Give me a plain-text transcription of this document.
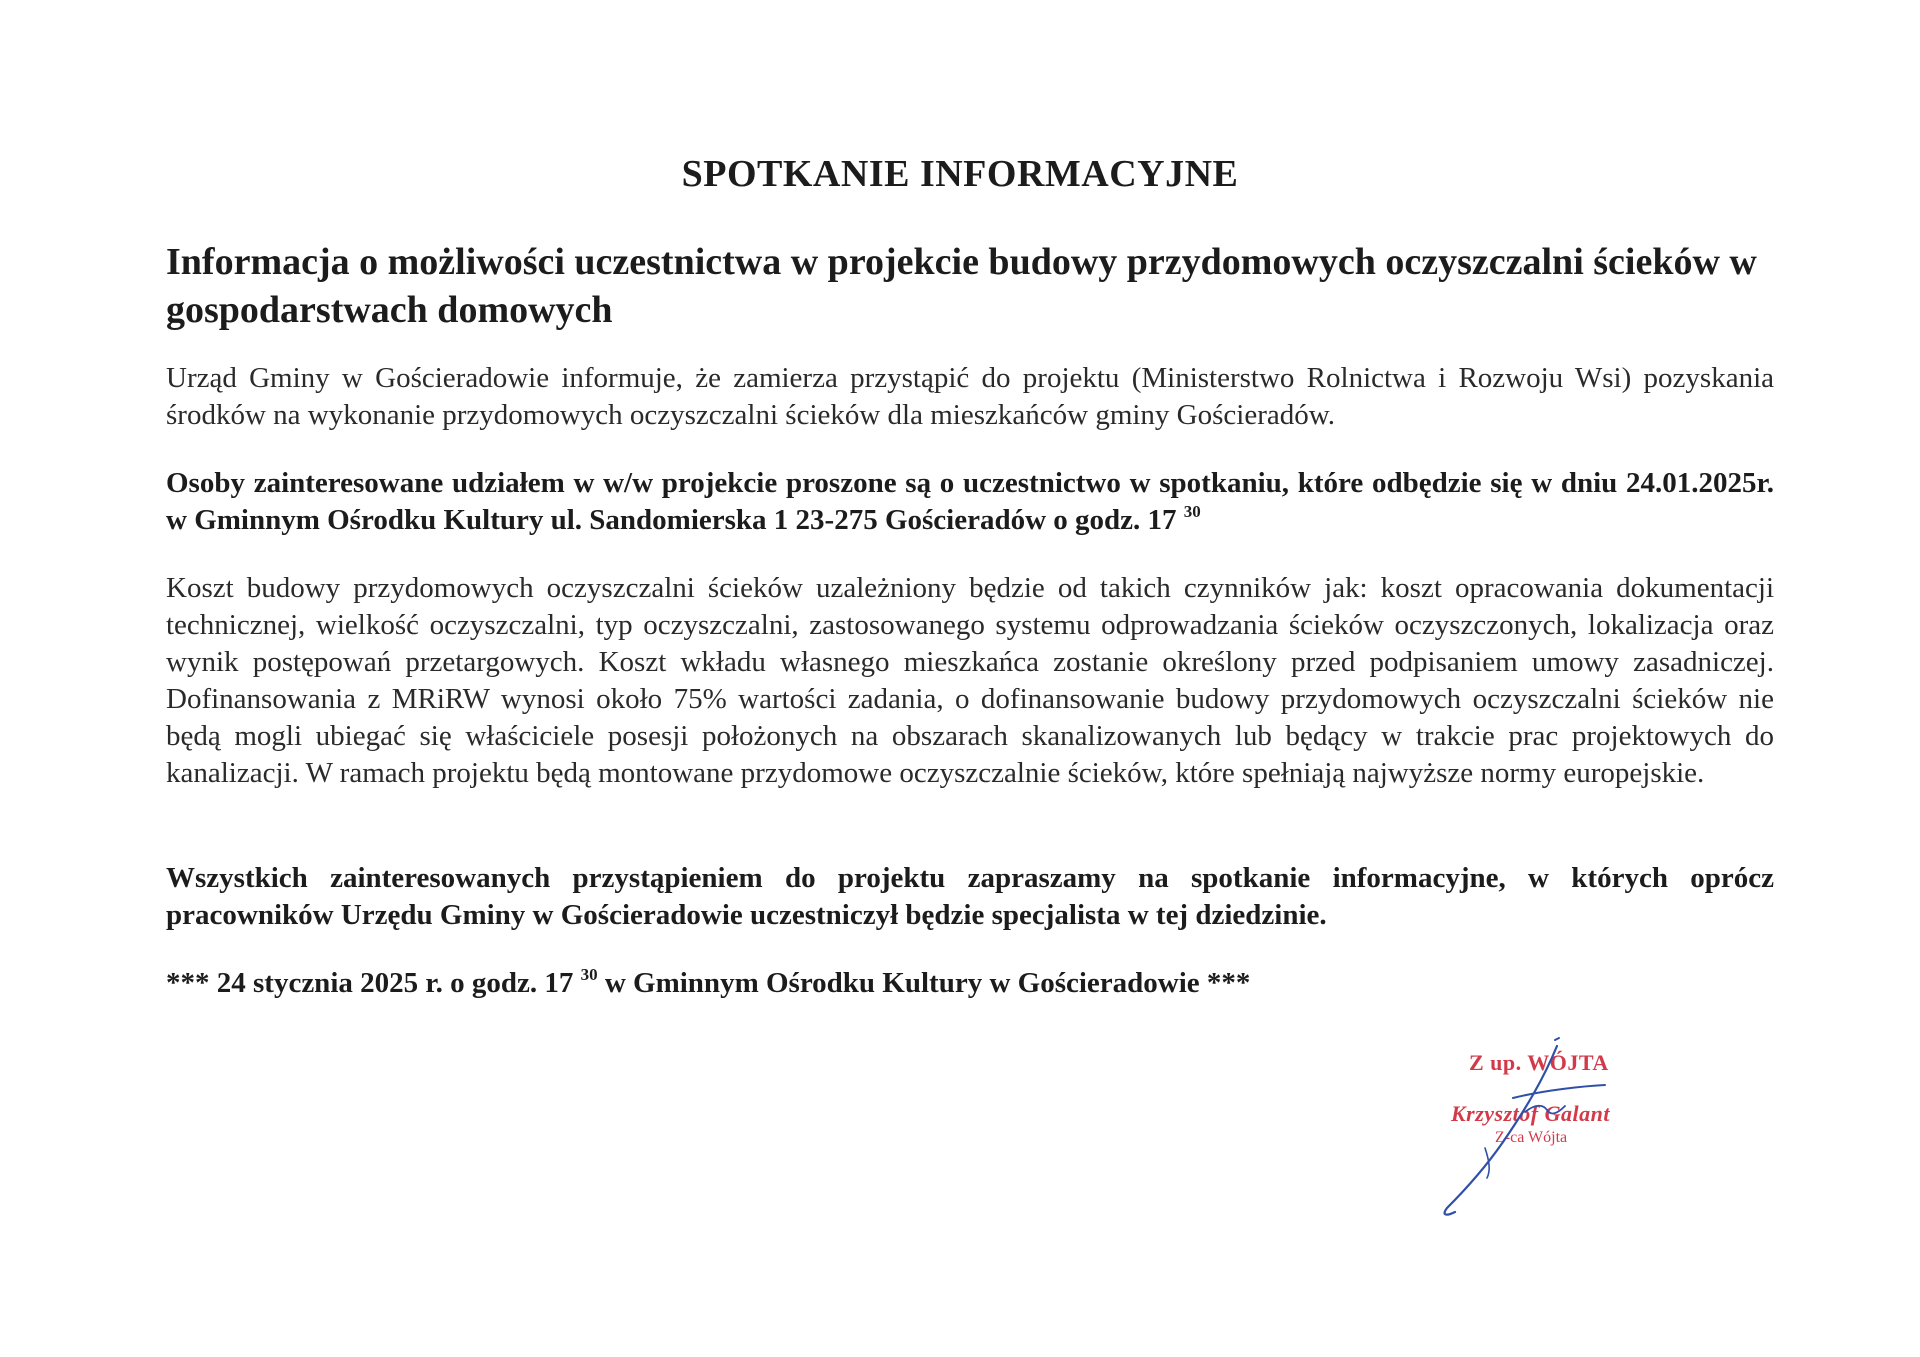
SPOTKANIE INFORMACYJNE
Informacja o możliwości uczestnictwa w projekcie budowy przydomowych oczyszczalni ścieków w gospodarstwach domowych
Urząd Gminy w Gościeradowie informuje, że zamierza przystąpić do projektu (Ministerstwo Rolnictwa i Rozwoju Wsi) pozyskania środków na wykonanie przydomowych oczyszczalni ścieków dla mieszkańców gminy Gościeradów.
Osoby zainteresowane udziałem w w/w projekcie proszone są o uczestnictwo w spotkaniu, które odbędzie się w dniu 24.01.2025r. w Gminnym Ośrodku Kultury ul. Sandomierska 1 23-275 Gościeradów o godz. 17 $^{30}$
Koszt budowy przydomowych oczyszczalni ścieków uzależniony będzie od takich czynników jak: koszt opracowania dokumentacji technicznej, wielkość oczyszczalni, typ oczyszczalni, zastosowanego systemu odprowadzania ścieków oczyszczonych, lokalizacja oraz wynik postępowań przetargowych. Koszt wkładu własnego mieszkańca zostanie określony przed podpisaniem umowy zasadniczej. Dofinansowania z MRiRW wynosi około 75% wartości zadania, o dofinansowanie budowy przydomowych oczyszczalni ścieków nie będą mogli ubiegać się właściciele posesji położonych na obszarach skanalizowanych lub będący w trakcie prac projektowych do kanalizacji. W ramach projektu będą montowane przydomowe oczyszczalnie ścieków, które spełniają najwyższe normy europejskie.
Wszystkich zainteresowanych przystąpieniem do projektu zapraszamy na spotkanie informacyjne, w których oprócz pracowników Urzędu Gminy w Gościeradowie uczestniczył będzie specjalista w tej dziedzinie.
*** 24 stycznia 2025 r. o godz. 17 $^{30}$ w Gminnym Ośrodku Kultury w Gościeradowie ***
Z up. WÓJTA
Krzysztof Galant
Z-ca Wójta
